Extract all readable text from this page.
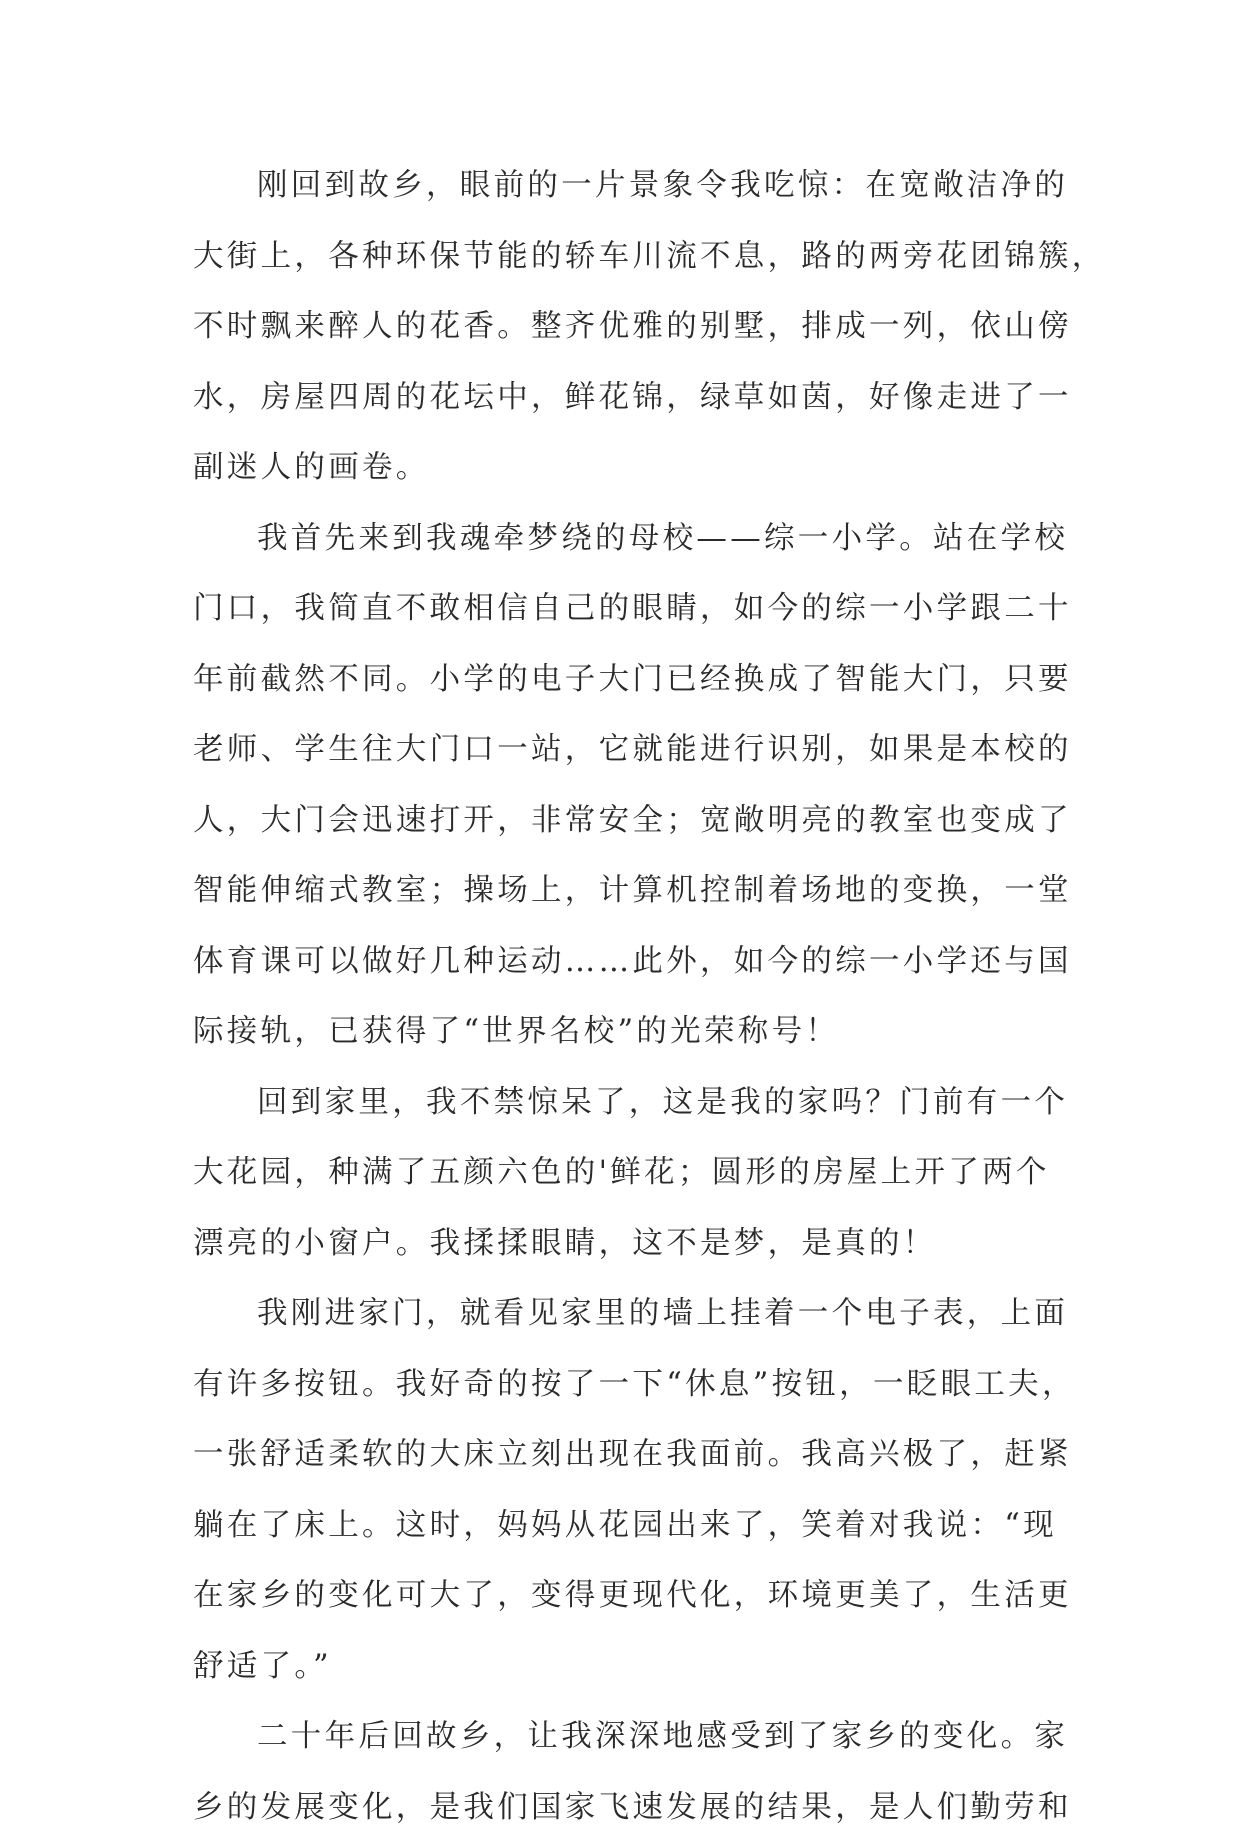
刚回到故乡，眼前的一片景象令我吃惊：在宽敞洁净的
大街上，各种环保节能的轿车川流不息，路的两旁花团锦簇，
不时飘来醉人的花香。整齐优雅的别墅，排成一列，依山傍
水，房屋四周的花坛中，鲜花锦，绿草如茵，好像走进了一
副迷人的画卷。
我首先来到我魂牵梦绕的母校——综一小学。站在学校
门口，我简直不敢相信自己的眼睛，如今的综一小学跟二十
年前截然不同。小学的电子大门已经换成了智能大门，只要
老师、学生往大门口一站，它就能进行识别，如果是本校的
人，大门会迅速打开，非常安全；宽敞明亮的教室也变成了
智能伸缩式教室；操场上，计算机控制着场地的变换，一堂
体育课可以做好几种运动……此外，如今的综一小学还与国
际接轨，已获得了“世界名校”的光荣称号！
回到家里，我不禁惊呆了，这是我的家吗？门前有一个
大花园，种满了五颜六色的'鲜花；圆形的房屋上开了两个
漂亮的小窗户。我揉揉眼睛，这不是梦，是真的！
我刚进家门，就看见家里的墙上挂着一个电子表，上面
有许多按钮。我好奇的按了一下“休息”按钮，一眨眼工夫，
一张舒适柔软的大床立刻出现在我面前。我高兴极了，赶紧
躺在了床上。这时，妈妈从花园出来了，笑着对我说：“现
在家乡的变化可大了，变得更现代化，环境更美了，生活更
舒适了。”
二十年后回故乡，让我深深地感受到了家乡的变化。家
乡的发展变化，是我们国家飞速发展的结果，是人们勤劳和
